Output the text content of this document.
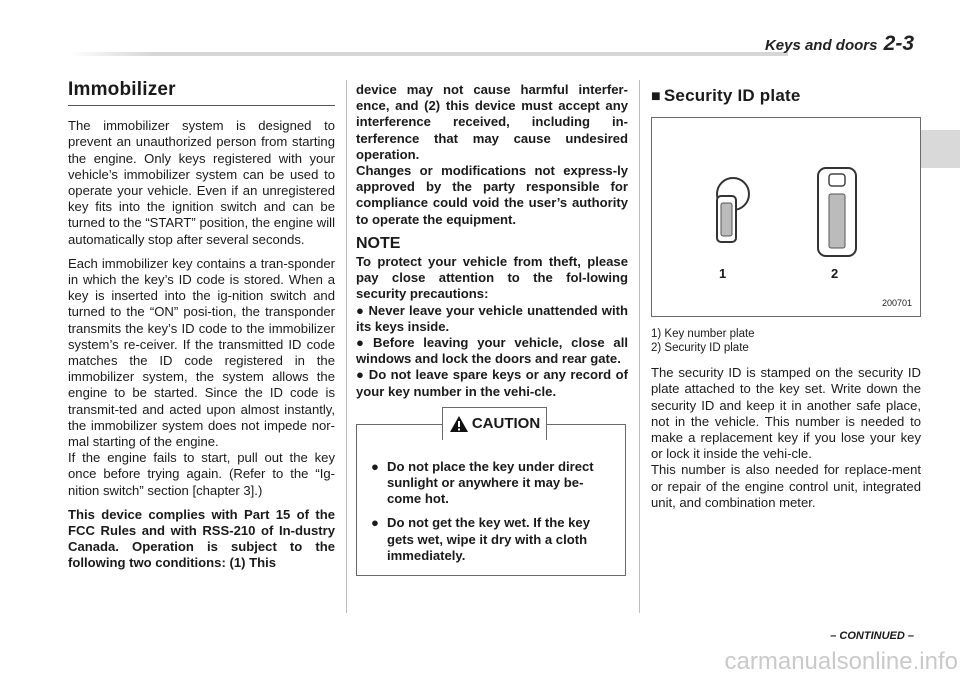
Keys and doors 2-3
Immobilizer

The immobilizer system is designed to prevent an unauthorized person from starting the engine. Only keys registered with your vehicle’s immobilizer system can be used to operate your vehicle. Even if an unregistered key fits into the ignition switch and can be turned to the “START” position, the engine will automatically stop after several seconds.

Each immobilizer key contains a tran-sponder in which the key’s ID code is stored. When a key is inserted into the ig-nition switch and turned to the “ON” posi-tion, the transponder transmits the key’s ID code to the immobilizer system’s re-ceiver. If the transmitted ID code matches the ID code registered in the immobilizer system, the system allows the engine to be started. Since the ID code is transmit-ted and acted upon almost instantly, the immobilizer system does not impede nor-mal starting of the engine.

If the engine fails to start, pull out the key once before trying again. (Refer to the “Ig-nition switch” section [chapter 3].)

This device complies with Part 15 of the FCC Rules and with RSS-210 of In-dustry Canada. Operation is subject to the following two conditions: (1) This

device may not cause harmful interfer-ence, and (2) this device must accept any interference received, including in-terference that may cause undesired operation.

Changes or modifications not express-ly approved by the party responsible for compliance could void the user’s authority to operate the equipment.

NOTE

To protect your vehicle from theft, please pay close attention to the fol-lowing security precautions:

● Never leave your vehicle unattended with its keys inside.
● Before leaving your vehicle, close all windows and lock the doors and rear gate.
● Do not leave spare keys or any record of your key number in the vehi-cle.
CAUTION
● Do not place the key under direct sunlight or anywhere it may be-come hot.
● Do not get the key wet. If the key gets wet, wipe it dry with a cloth immediately.
■ Security ID plate
1	2
200701
1) Key number plate
2) Security ID plate

The security ID is stamped on the security ID plate attached to the key set. Write down the security ID and keep it in another safe place, not in the vehicle. This number is needed to make a replacement key if you lose your key or lock it inside the vehi-cle.

This number is also needed for replace-ment or repair of the engine control unit, integrated unit, and combination meter.

– CONTINUED –
carmanualsonline.info
